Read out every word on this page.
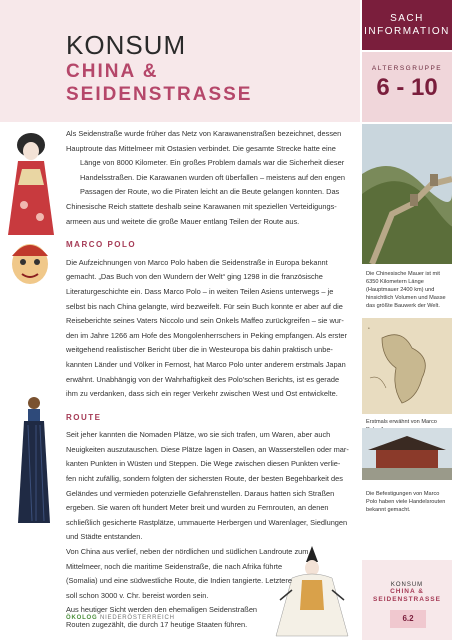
KONSUM
CHINA &
SEIDENSTRASSE
SACH
INFORMATION
ALTERSGRUPPE
6 - 10
Als Seidenstraße wurde früher das Netz von Karawanenstraßen bezeichnet, dessen
Hauptroute das Mittelmeer mit Ostasien verbindet. Die gesamte Strecke hatte eine
Länge von 8000 Kilometer. Ein großes Problem damals war die Sicherheit dieser
Handelsstraßen. Die Karawanen wurden oft überfallen – meistens auf den engen
Passagen der Route, wo die Piraten leicht an die Beute gelangen konnten. Das
Chinesische Reich stattete deshalb seine Karawanen mit speziellen Verteidigungs-
armeen aus und weitete die große Mauer entlang Teilen der Route aus.
MARCO POLO
Die Aufzeichnungen von Marco Polo haben die Seidenstraße in Europa bekannt
gemacht. „Das Buch von den Wundern der Welt“ ging 1298 in die französische
Literaturgeschichte ein. Dass Marco Polo – in weiten Teilen Asiens unterwegs – je
selbst bis nach China gelangte, wird bezweifelt. Für sein Buch konnte er aber auf die
Reiseberichte seines Vaters Niccolo und sein Onkels Maffeo zurückgreifen – sie wur-
den im Jahre 1266 am Hofe des Mongolenherrschers in Peking empfangen. Als erster
weitgehend realistischer Bericht über die in Westeuropa bis dahin praktisch unbe-
kannten Länder und Völker in Fernost, hat Marco Polo unter anderem erstmals Japan
erwähnt. Unabhängig von der Wahrhaftigkeit des Polo'schen Berichts, ist es gerade
ihm zu verdanken, dass sich ein reger Verkehr zwischen West und Ost entwickelte.
ROUTE
Seit jeher kannten die Nomaden Plätze, wo sie sich trafen, um Waren, aber auch
Neuigkeiten auszutauschen. Diese Plätze lagen in Oasen, an Wasserstellen oder mar-
kanten Punkten in Wüsten und Steppen. Die Wege zwischen diesen Punkten verlie-
fen nicht zufällig, sondern folgten der sichersten Route, der besten Begehbarkeit des
Geländes und vermieden potenzielle Gefahrenstellen. Daraus hatten sich Straßen
ergeben. Sie waren oft hundert Meter breit und wurden zu Fernrouten, an denen
schließlich gesicherte Rastplätze, ummauerte Herbergen und Warenlager, Siedlungen
und Städte entstanden.
Von China aus verlief, neben der nördlichen und südlichen Landroute zum
Mittelmeer, noch die maritime Seidenstraße, die nach Afrika führte
(Somalia) und eine südwestliche Route, die Indien tangierte. Letztere
soll schon 3000 v. Chr. bereist worden sein.
Aus heutiger Sicht werden den ehemaligen Seidenstraßen
Routen zugezählt, die durch 17 heutige Staaten führen.
Die Chinesische Mauer ist mit 6350 Kilometern Länge (Hauptmauer 2400 km) und hinsichtlich Volumen und Masse das größte Bauwerk der Welt.
•
Erstmals erwähnt von Marco
Die Befestigungen von Marco Polo haben viele Handelsrouten bekannt gemacht.
KONSUM
CHINA &
SEIDENSTRASSE
6.2
ÖKOLOG NIEDERÖSTERREICH
